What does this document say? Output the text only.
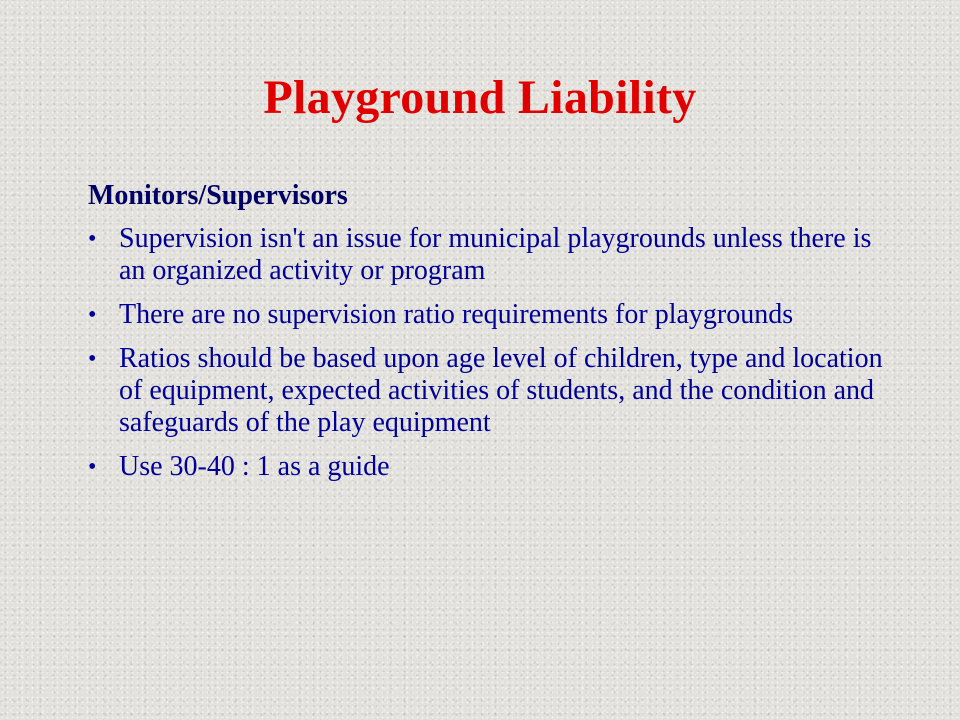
Playground Liability
Monitors/Supervisors
• Supervision isn't an issue for municipal playgrounds unless there is an organized activity or program
• There are no supervision ratio requirements for playgrounds
• Ratios should be based upon age level of children, type and location of equipment, expected activities of students, and the condition and safeguards of the play equipment
• Use 30-40 : 1 as a guide
